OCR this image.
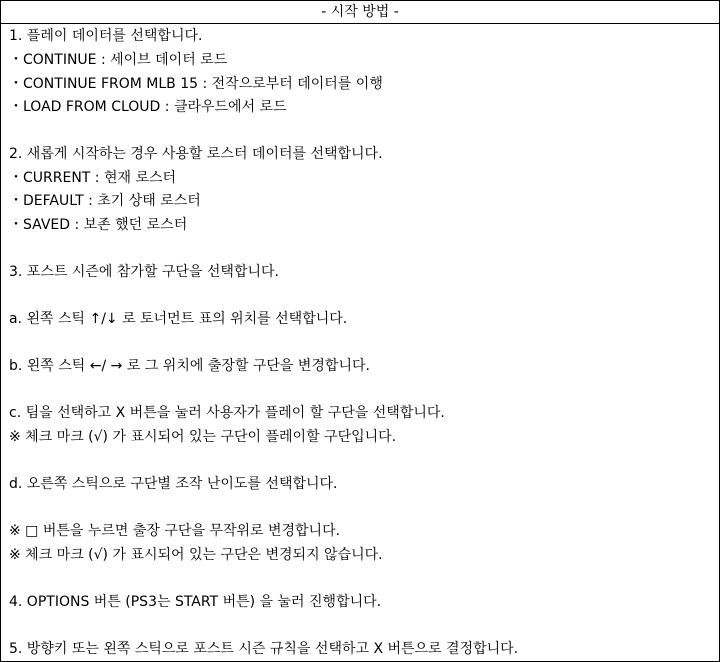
- 시작 방법 -
1. 플레이 데이터를 선택합니다.
・CONTINUE : 세이브 데이터 로드
・CONTINUE FROM MLB 15 : 전작으로부터 데이터를 이행
・LOAD FROM CLOUD : 클라우드에서 로드
2. 새롭게 시작하는 경우 사용할 로스터 데이터를 선택합니다.
・CURRENT : 현재 로스터
・DEFAULT : 초기 상태 로스터
・SAVED : 보존 했던 로스터
3. 포스트 시즌에 참가할 구단을 선택합니다.
a. 왼쪽 스틱 ↑/↓ 로 토너먼트 표의 위치를 선택합니다.
b. 왼쪽 스틱 ←/ → 로 그 위치에 출장할 구단을 변경합니다.
c. 팀을 선택하고 X 버튼을 눌러 사용자가 플레이 할 구단을 선택합니다.
※ 체크 마크 (√) 가 표시되어 있는 구단이 플레이할 구단입니다.
d. 오른쪽 스틱으로 구단별 조작 난이도를 선택합니다.
※ □ 버튼을 누르면 출장 구단을 무작위로 변경합니다.
※ 체크 마크 (√) 가 표시되어 있는 구단은 변경되지 않습니다.
4. OPTIONS 버튼 (PS3는 START 버튼) 을 눌러 진행합니다.
5. 방향키 또는 왼쪽 스틱으로 포스트 시즌 규칙을 선택하고 X 버튼으로 결정합니다.
